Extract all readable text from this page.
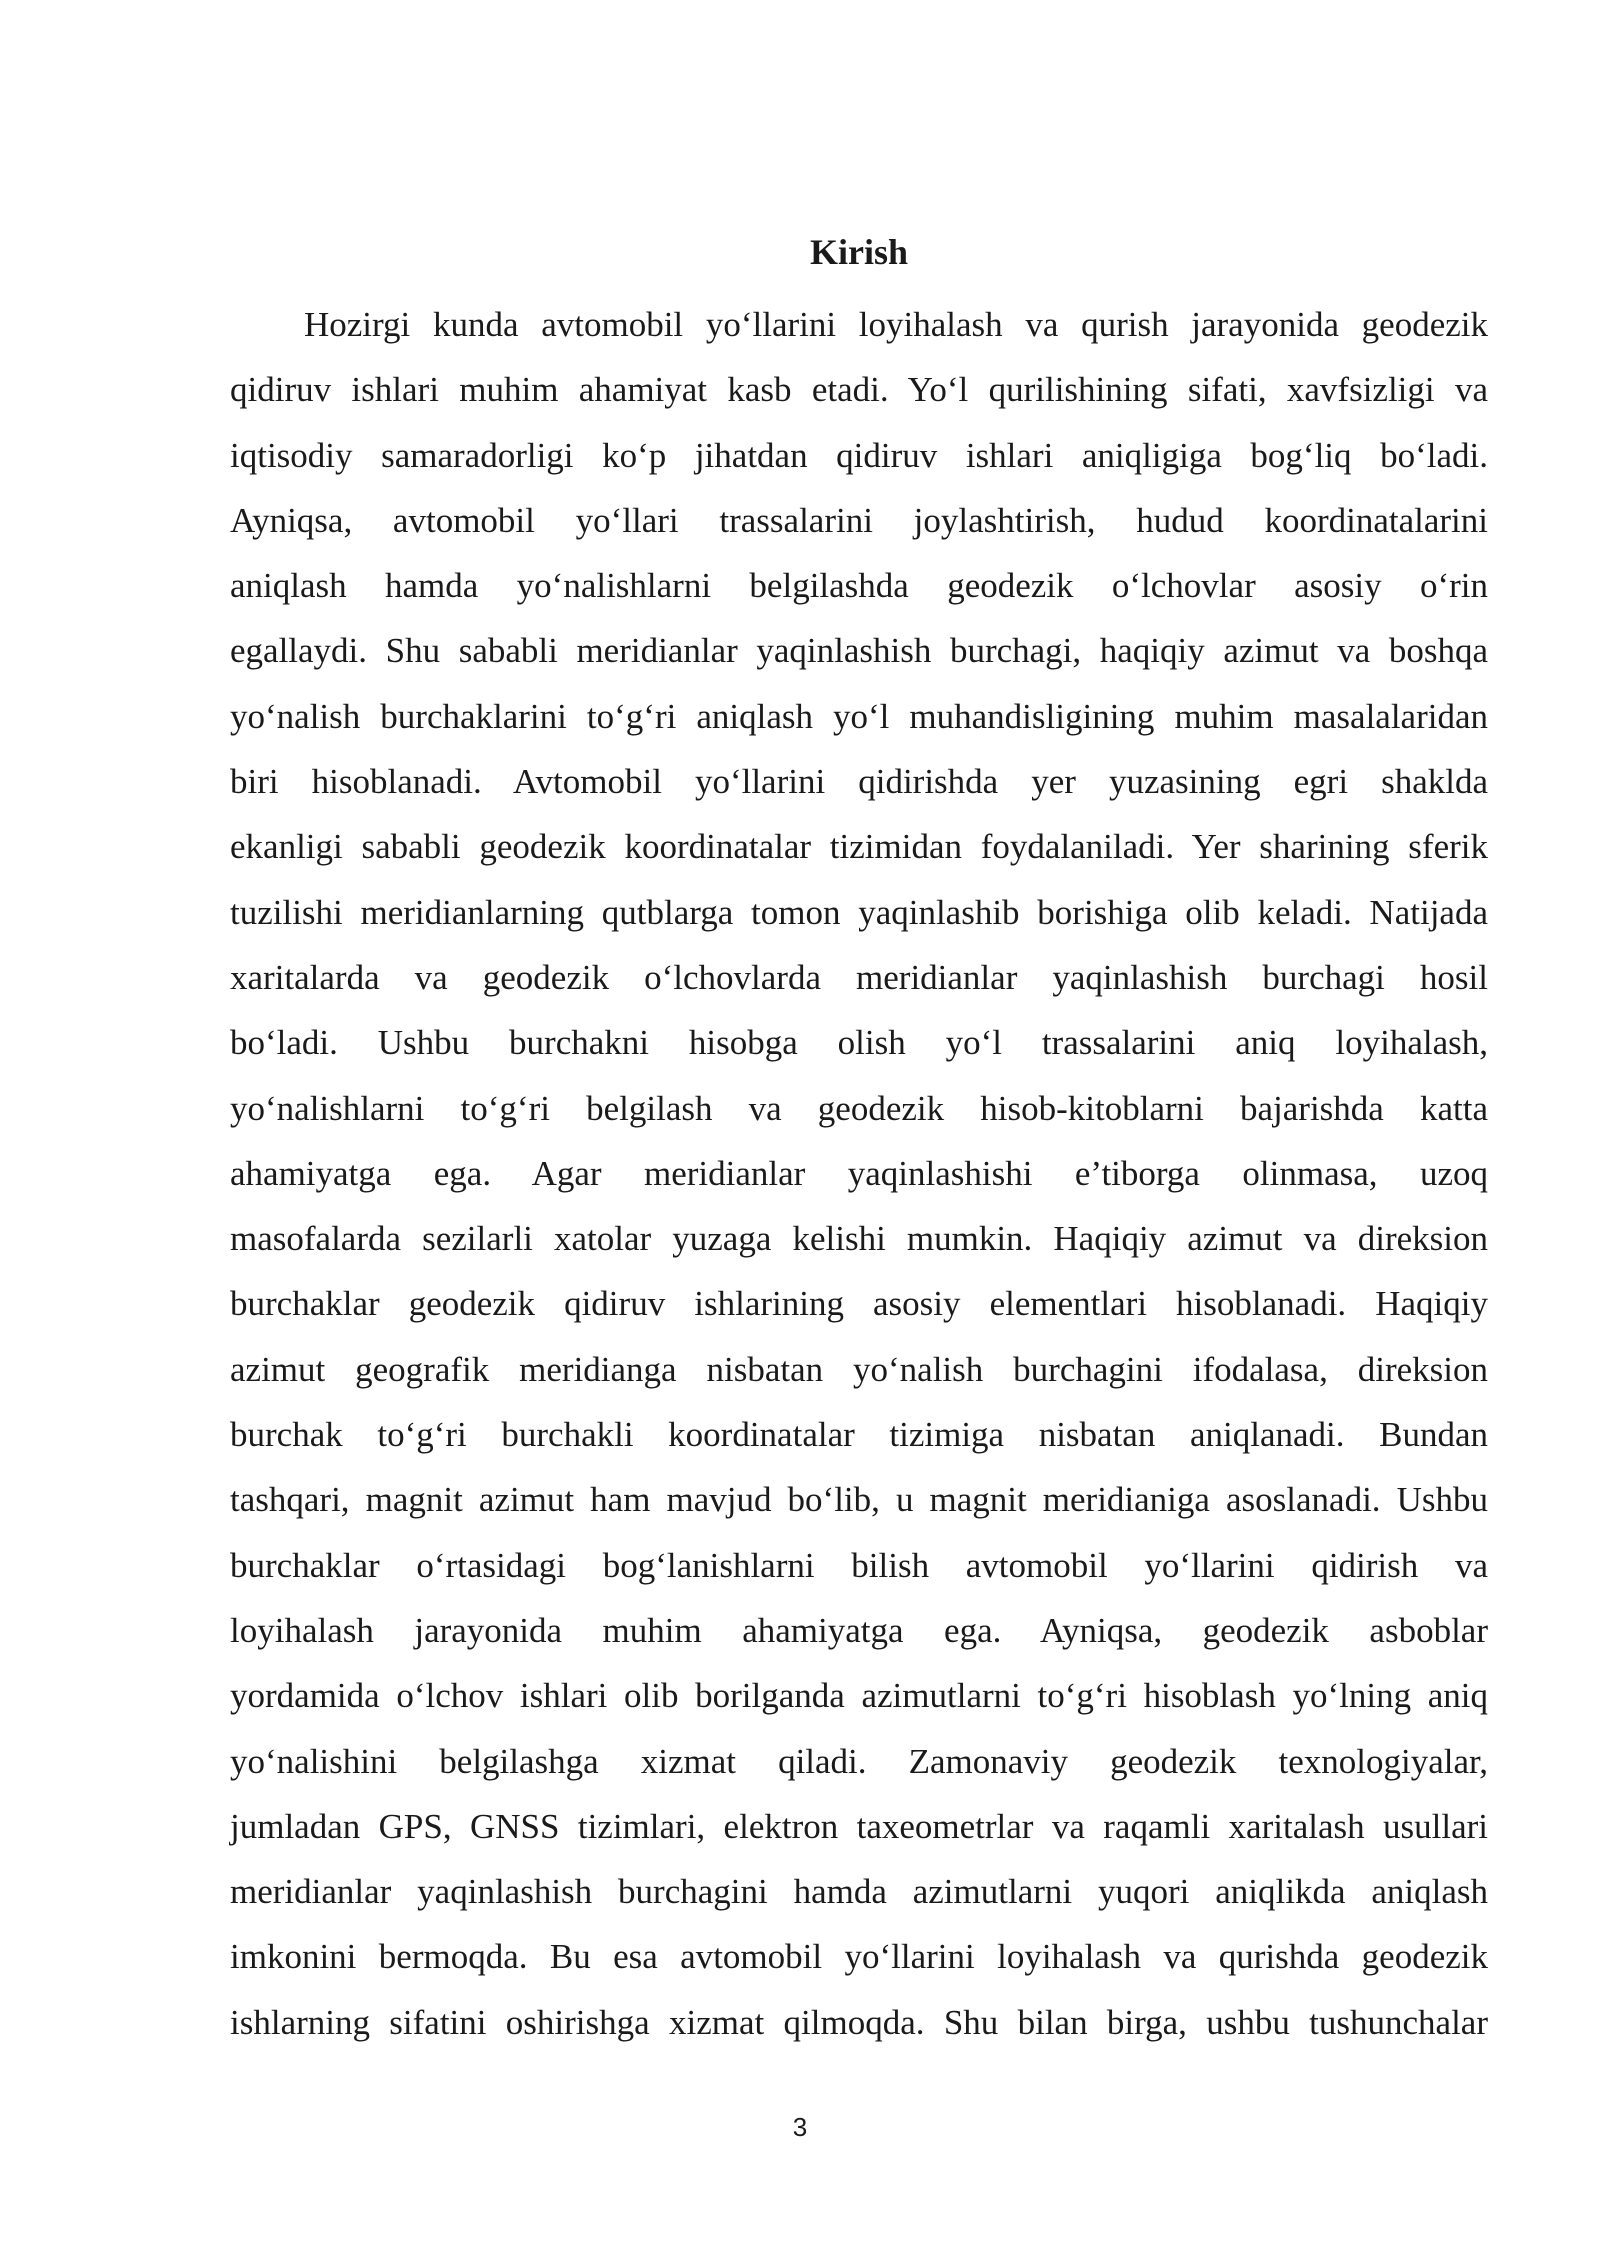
Kirish

Hozirgi kunda avtomobil yo‘llarini loyihalash va qurish jarayonida geodezik
qidiruv ishlari muhim ahamiyat kasb etadi. Yo‘l qurilishining sifati, xavfsizligi va
iqtisodiy samaradorligi ko‘p jihatdan qidiruv ishlari aniqligiga bog‘liq bo‘ladi.
Ayniqsa, avtomobil yo‘llari trassalarini joylashtirish, hudud koordinatalarini
aniqlash hamda yo‘nalishlarni belgilashda geodezik o‘lchovlar asosiy o‘rin
egallaydi. Shu sababli meridianlar yaqinlashish burchagi, haqiqiy azimut va boshqa
yo‘nalish burchaklarini to‘g‘ri aniqlash yo‘l muhandisligining muhim masalalaridan
biri hisoblanadi. Avtomobil yo‘llarini qidirishda yer yuzasining egri shaklda
ekanligi sababli geodezik koordinatalar tizimidan foydalaniladi. Yer sharining sferik
tuzilishi meridianlarning qutblarga tomon yaqinlashib borishiga olib keladi. Natijada
xaritalarda va geodezik o‘lchovlarda meridianlar yaqinlashish burchagi hosil
bo‘ladi. Ushbu burchakni hisobga olish yo‘l trassalarini aniq loyihalash,
yo‘nalishlarni to‘g‘ri belgilash va geodezik hisob-kitoblarni bajarishda katta
ahamiyatga ega. Agar meridianlar yaqinlashishi e’tiborga olinmasa, uzoq
masofalarda sezilarli xatolar yuzaga kelishi mumkin. Haqiqiy azimut va direksion
burchaklar geodezik qidiruv ishlarining asosiy elementlari hisoblanadi. Haqiqiy
azimut geografik meridianga nisbatan yo‘nalish burchagini ifodalasa, direksion
burchak to‘g‘ri burchakli koordinatalar tizimiga nisbatan aniqlanadi. Bundan
tashqari, magnit azimut ham mavjud bo‘lib, u magnit meridianiga asoslanadi. Ushbu
burchaklar o‘rtasidagi bog‘lanishlarni bilish avtomobil yo‘llarini qidirish va
loyihalash jarayonida muhim ahamiyatga ega. Ayniqsa, geodezik asboblar
yordamida o‘lchov ishlari olib borilganda azimutlarni to‘g‘ri hisoblash yo‘lning aniq
yo‘nalishini belgilashga xizmat qiladi. Zamonaviy geodezik texnologiyalar,
jumladan GPS, GNSS tizimlari, elektron taxeometrlar va raqamli xaritalash usullari
meridianlar yaqinlashish burchagini hamda azimutlarni yuqori aniqlikda aniqlash
imkonini bermoqda. Bu esa avtomobil yo‘llarini loyihalash va qurishda geodezik
ishlarning sifatini oshirishga xizmat qilmoqda. Shu bilan birga, ushbu tushunchalar

3
